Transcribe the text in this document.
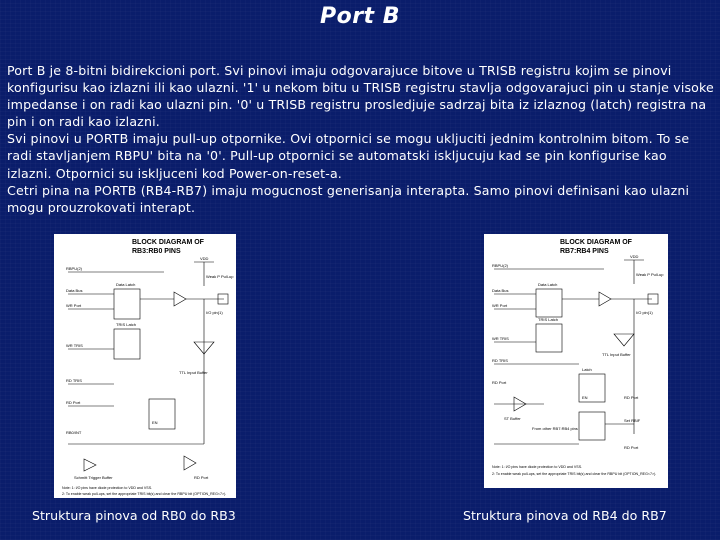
Port B

Port B je 8-bitni bidirekcioni port. Svi pinovi imaju odgovarajuce bitove u TRISB registru kojim se pinovi konfigurisu kao izlazni ili kao ulazni. '1' u nekom bitu u TRISB registru stavlja odgovarajuci pin u stanje visoke impedanse i on radi kao ulazni pin. '0' u TRISB registru prosledjuje sadrzaj bita iz izlaznog (latch) registra na pin i on radi kao izlazni.

Svi pinovi u PORTB imaju pull-up otpornike. Ovi otpornici se mogu ukljuciti jednim kontrolnim bitom. To se radi stavljanjem RBPU' bita na '0'. Pull-up otpornici se automatski iskljucuju kad se pin konfigurise kao izlazni. Otpornici su iskljuceni kod Power-on-reset-a.

Cetri pina na PORTB (RB4-RB7) imaju mogucnost generisanja interapta. Samo pinovi definisani kao ulazni mogu prouzrokovati interapt.

BLOCK DIAGRAM OF
RB3:RB0 PINS
RBPU(2)
Data Bus
WR Port
WR TRIS
RD TRIS
RD Port
RB0/INT
Schmitt Trigger Buffer
TTL Input Buffer
VDD
Weak P Pull-up
Data Latch
TRIS Latch
I/O pin(1)
RD Port
EN
Note: 1: I/O pins have diode protection to VDD and VSS.
2: To enable weak pull-ups, set the appropriate TRIS bit(s) and clear the RBPU bit (OPTION_REG<7>).
BLOCK DIAGRAM OF
RB7:RB4 PINS
RBPU(2)
Data Bus
WR Port
WR TRIS
RD TRIS
RD Port
VDD
Weak P Pull-up
Data Latch
TRIS Latch
I/O pin(1)
TTL Input Buffer
ST Buffer
Latch
Set RBIF
From other RB7:RB4 pins
RD Port
RD Port
EN
Note: 1: I/O pins have diode protection to VDD and VSS.
2: To enable weak pull-ups, set the appropriate TRIS bit(s) and clear the RBPU bit (OPTION_REG<7>).
Struktura pinova od RB0 do RB3	Struktura pinova od RB4 do RB7
